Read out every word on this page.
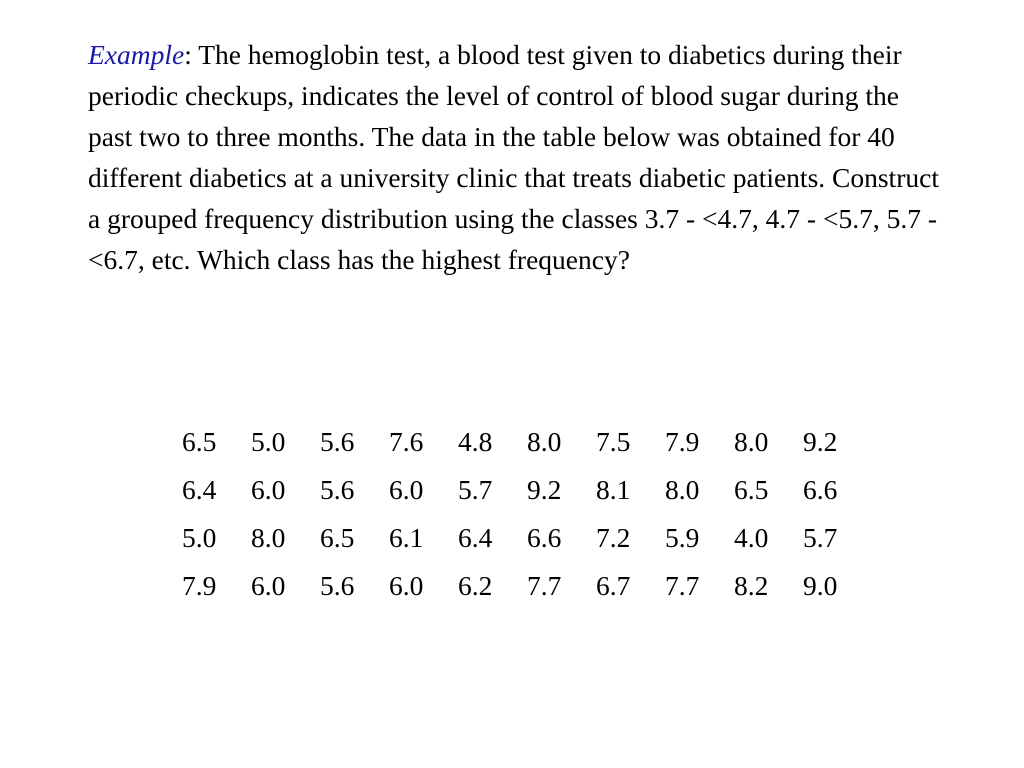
Example: The hemoglobin test, a blood test given to diabetics during their periodic checkups, indicates the level of control of blood sugar during the past two to three months. The data in the table below was obtained for 40 different diabetics at a university clinic that treats diabetic patients. Construct a grouped frequency distribution using the classes 3.7 - <4.7, 4.7 - <5.7, 5.7 - <6.7, etc. Which class has the highest frequency?

6.5	5.0	5.6	7.6	4.8	8.0	7.5	7.9	8.0	9.2
6.4	6.0	5.6	6.0	5.7	9.2	8.1	8.0	6.5	6.6
5.0	8.0	6.5	6.1	6.4	6.6	7.2	5.9	4.0	5.7
7.9	6.0	5.6	6.0	6.2	7.7	6.7	7.7	8.2	9.0
